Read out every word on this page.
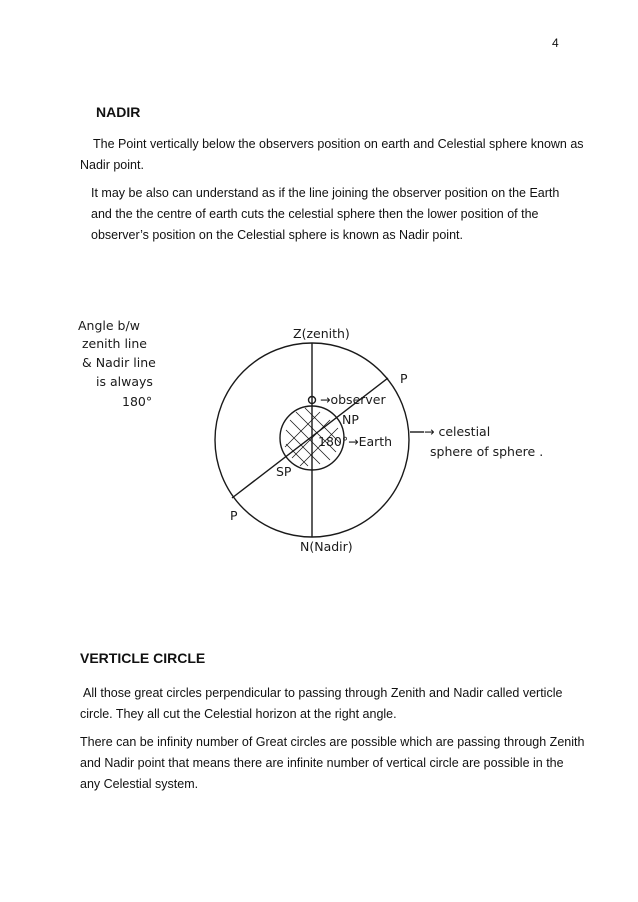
4
NADIR
The Point vertically below the observers position on earth and Celestial sphere known as
Nadir point.
It may be also can understand as if the line joining the observer position on the Earth
and the the centre of earth cuts the celestial sphere then the lower position of the
observer’s position on the Celestial sphere is known as Nadir point.
Angle b/w
zenith line
& Nadir line
is always
180°
Z(zenith)
P
→observer
NP
180°→Earth
→ celestial
sphere of sphere .
SP
P
N(Nadir)
VERTICLE CIRCLE
All those great circles perpendicular to passing through Zenith and Nadir called verticle
circle. They all cut the Celestial horizon at the right angle.
There can be infinity number of Great circles are possible which are passing through Zenith
and Nadir point that means there are infinite number of vertical circle are possible in the
any Celestial system.
